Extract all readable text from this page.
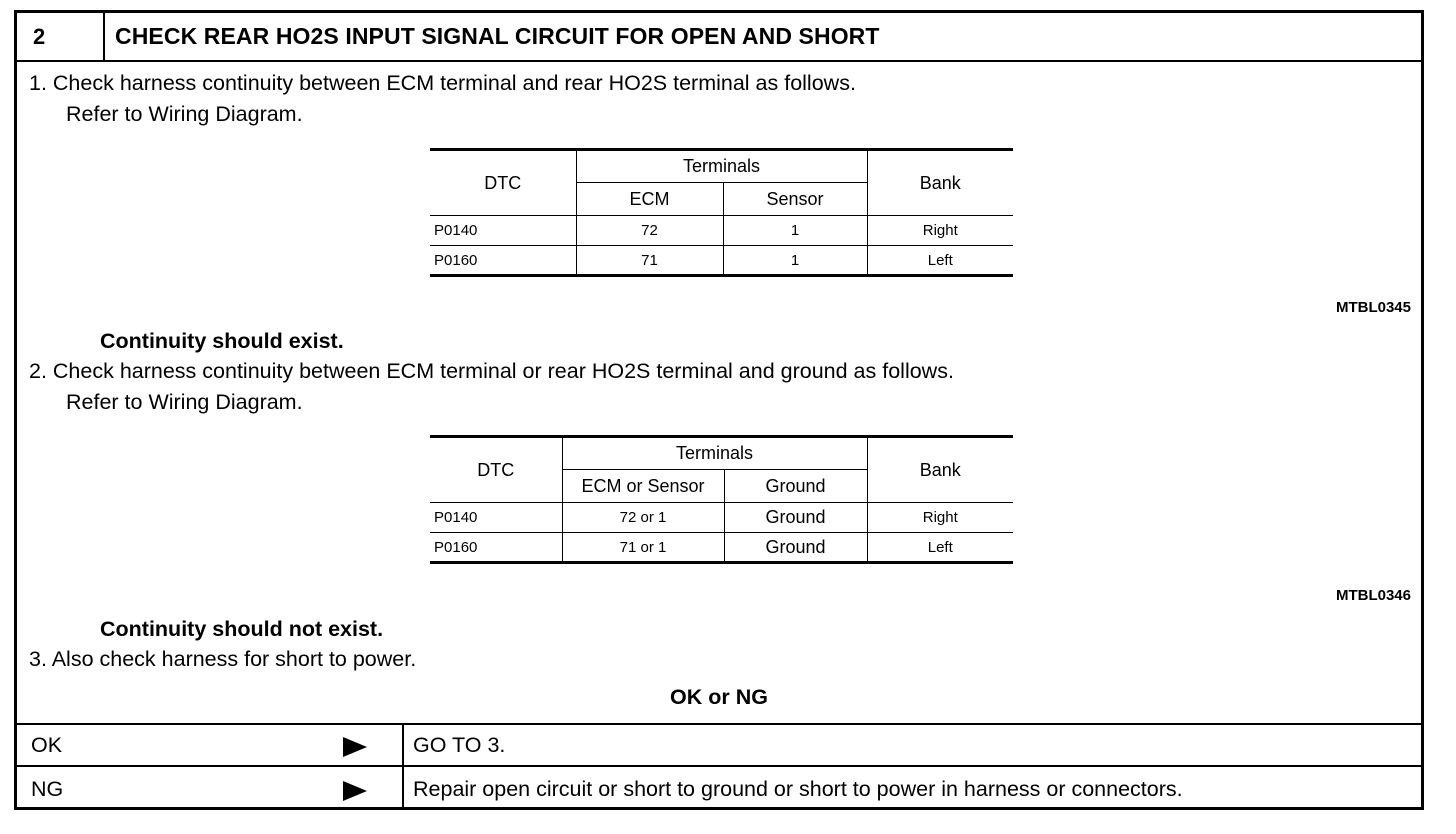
2	CHECK REAR HO2S INPUT SIGNAL CIRCUIT FOR OPEN AND SHORT
1. Check harness continuity between ECM terminal and rear HO2S terminal as follows.
Refer to Wiring Diagram.
DTC	Terminals		Bank
	ECM	Sensor	
P0140	72	1	Right
P0160	71	1	Left
MTBL0345
Continuity should exist.
2. Check harness continuity between ECM terminal or rear HO2S terminal and ground as follows.
Refer to Wiring Diagram.
DTC	Terminals		Bank
	ECM or Sensor	Ground	
P0140	72 or 1	Ground	Right
P0160	71 or 1	Ground	Left
MTBL0346
Continuity should not exist.
3. Also check harness for short to power.
OK or NG
OK	GO TO 3.
NG	Repair open circuit or short to ground or short to power in harness or connectors.
